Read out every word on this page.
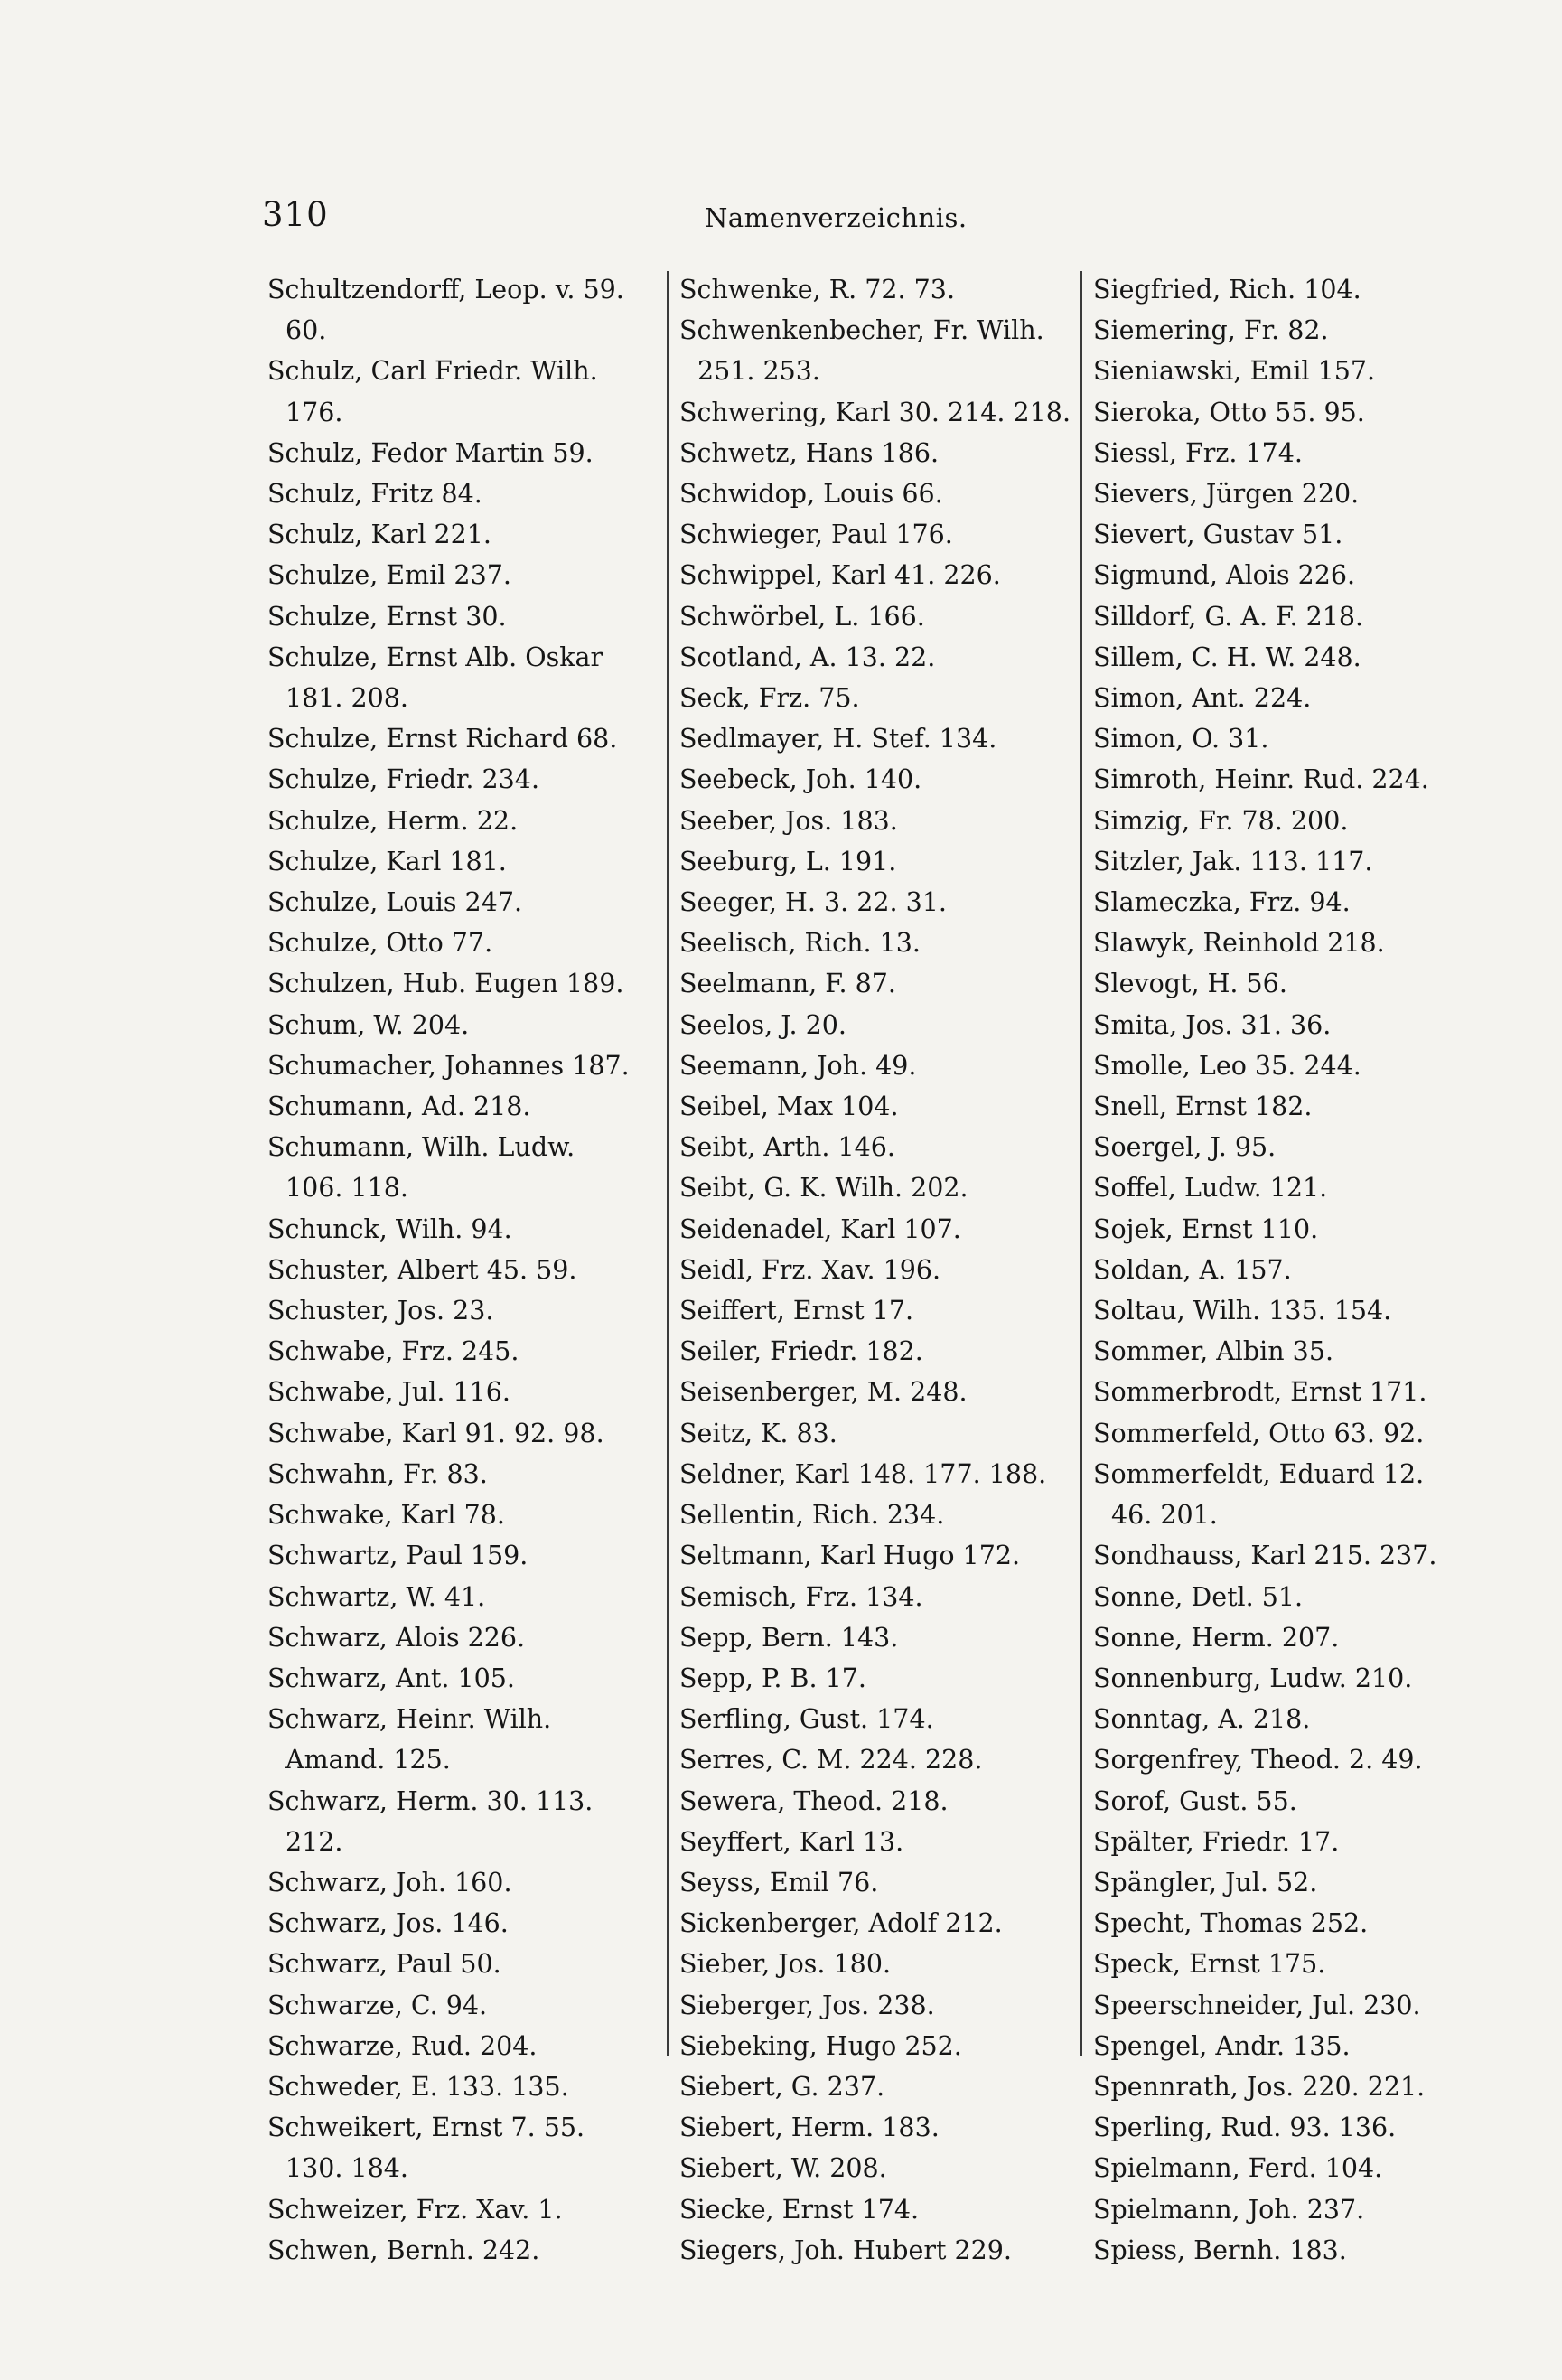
310	Namenverzeichnis.
Schultzendorff, Leop. v. 59.
60.
Schulz, Carl Friedr. Wilh.
176.
Schulz, Fedor Martin 59.
Schulz, Fritz 84.
Schulz, Karl 221.
Schulze, Emil 237.
Schulze, Ernst 30.
Schulze, Ernst Alb. Oskar
181. 208.
Schulze, Ernst Richard 68.
Schulze, Friedr. 234.
Schulze, Herm. 22.
Schulze, Karl 181.
Schulze, Louis 247.
Schulze, Otto 77.
Schulzen, Hub. Eugen 189.
Schum, W. 204.
Schumacher, Johannes 187.
Schumann, Ad. 218.
Schumann, Wilh. Ludw.
106. 118.
Schunck, Wilh. 94.
Schuster, Albert 45. 59.
Schuster, Jos. 23.
Schwabe, Frz. 245.
Schwabe, Jul. 116.
Schwabe, Karl 91. 92. 98.
Schwahn, Fr. 83.
Schwake, Karl 78.
Schwartz, Paul 159.
Schwartz, W. 41.
Schwarz, Alois 226.
Schwarz, Ant. 105.
Schwarz, Heinr. Wilh.
Amand. 125.
Schwarz, Herm. 30. 113.
212.
Schwarz, Joh. 160.
Schwarz, Jos. 146.
Schwarz, Paul 50.
Schwarze, C. 94.
Schwarze, Rud. 204.
Schweder, E. 133. 135.
Schweikert, Ernst 7. 55.
130. 184.
Schweizer, Frz. Xav. 1.
Schwen, Bernh. 242.
Schwenke, R. 72. 73.
Schwenkenbecher, Fr. Wilh.
251. 253.
Schwering, Karl 30. 214. 218.
Schwetz, Hans 186.
Schwidop, Louis 66.
Schwieger, Paul 176.
Schwippel, Karl 41. 226.
Schwörbel, L. 166.
Scotland, A. 13. 22.
Seck, Frz. 75.
Sedlmayer, H. Stef. 134.
Seebeck, Joh. 140.
Seeber, Jos. 183.
Seeburg, L. 191.
Seeger, H. 3. 22. 31.
Seelisch, Rich. 13.
Seelmann, F. 87.
Seelos, J. 20.
Seemann, Joh. 49.
Seibel, Max 104.
Seibt, Arth. 146.
Seibt, G. K. Wilh. 202.
Seidenadel, Karl 107.
Seidl, Frz. Xav. 196.
Seiffert, Ernst 17.
Seiler, Friedr. 182.
Seisenberger, M. 248.
Seitz, K. 83.
Seldner, Karl 148. 177. 188.
Sellentin, Rich. 234.
Seltmann, Karl Hugo 172.
Semisch, Frz. 134.
Sepp, Bern. 143.
Sepp, P. B. 17.
Serfling, Gust. 174.
Serres, C. M. 224. 228.
Sewera, Theod. 218.
Seyffert, Karl 13.
Seyss, Emil 76.
Sickenberger, Adolf 212.
Sieber, Jos. 180.
Sieberger, Jos. 238.
Siebeking, Hugo 252.
Siebert, G. 237.
Siebert, Herm. 183.
Siebert, W. 208.
Siecke, Ernst 174.
Siegers, Joh. Hubert 229.
Siegfried, Rich. 104.
Siemering, Fr. 82.
Sieniawski, Emil 157.
Sieroka, Otto 55. 95.
Siessl, Frz. 174.
Sievers, Jürgen 220.
Sievert, Gustav 51.
Sigmund, Alois 226.
Silldorf, G. A. F. 218.
Sillem, C. H. W. 248.
Simon, Ant. 224.
Simon, O. 31.
Simroth, Heinr. Rud. 224.
Simzig, Fr. 78. 200.
Sitzler, Jak. 113. 117.
Slameczka, Frz. 94.
Slawyk, Reinhold 218.
Slevogt, H. 56.
Smita, Jos. 31. 36.
Smolle, Leo 35. 244.
Snell, Ernst 182.
Soergel, J. 95.
Soffel, Ludw. 121.
Sojek, Ernst 110.
Soldan, A. 157.
Soltau, Wilh. 135. 154.
Sommer, Albin 35.
Sommerbrodt, Ernst 171.
Sommerfeld, Otto 63. 92.
Sommerfeldt, Eduard 12.
46. 201.
Sondhauss, Karl 215. 237.
Sonne, Detl. 51.
Sonne, Herm. 207.
Sonnenburg, Ludw. 210.
Sonntag, A. 218.
Sorgenfrey, Theod. 2. 49.
Sorof, Gust. 55.
Spälter, Friedr. 17.
Spängler, Jul. 52.
Specht, Thomas 252.
Speck, Ernst 175.
Speerschneider, Jul. 230.
Spengel, Andr. 135.
Spennrath, Jos. 220. 221.
Sperling, Rud. 93. 136.
Spielmann, Ferd. 104.
Spielmann, Joh. 237.
Spiess, Bernh. 183.
